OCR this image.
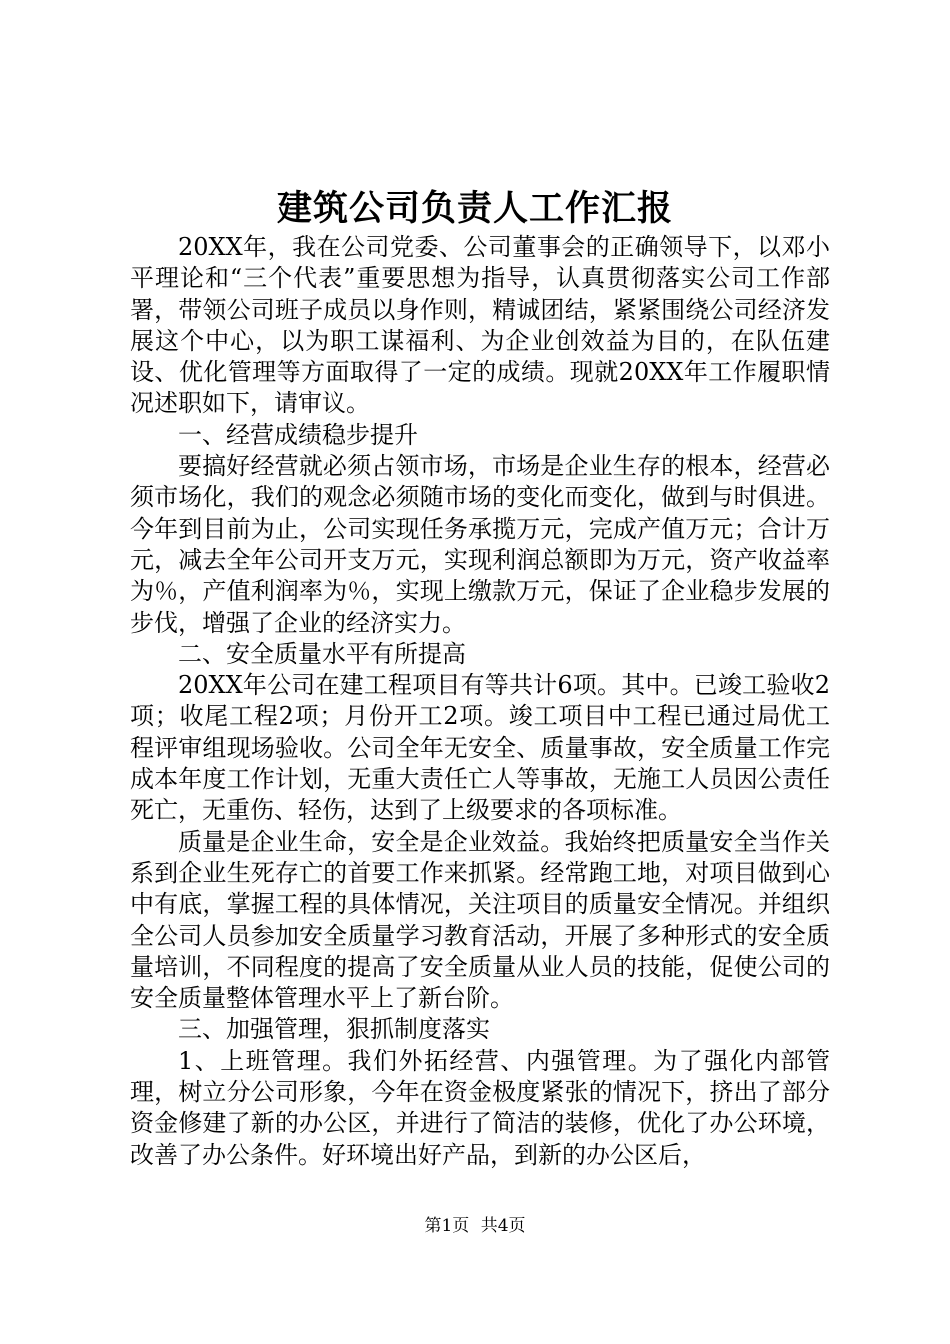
建筑公司负责人工作汇报

20XX年，我在公司党委、公司董事会的正确领导下，以邓小平理论和“三个代表”重要思想为指导，认真贯彻落实公司工作部署，带领公司班子成员以身作则，精诚团结，紧紧围绕公司经济发展这个中心，以为职工谋福利、为企业创效益为目的，在队伍建设、优化管理等方面取得了一定的成绩。现就20XX年工作履职情况述职如下，请审议。

一、经营成绩稳步提升

要搞好经营就必须占领市场，市场是企业生存的根本，经营必须市场化，我们的观念必须随市场的变化而变化，做到与时俱进。今年到目前为止，公司实现任务承揽万元，完成产值万元；合计万元，减去全年公司开支万元，实现利润总额即为万元，资产收益率为％，产值利润率为％，实现上缴款万元，保证了企业稳步发展的步伐，增强了企业的经济实力。

二、安全质量水平有所提高

20XX年公司在建工程项目有等共计6项。其中。已竣工验收2项；收尾工程2项；月份开工2项。竣工项目中工程已通过局优工程评审组现场验收。公司全年无安全、质量事故，安全质量工作完成本年度工作计划，无重大责任亡人等事故，无施工人员因公责任死亡，无重伤、轻伤，达到了上级要求的各项标准。

质量是企业生命，安全是企业效益。我始终把质量安全当作关系到企业生死存亡的首要工作来抓紧。经常跑工地，对项目做到心中有底，掌握工程的具体情况，关注项目的质量安全情况。并组织全公司人员参加安全质量学习教育活动，开展了多种形式的安全质量培训，不同程度的提高了安全质量从业人员的技能，促使公司的安全质量整体管理水平上了新台阶。

三、加强管理，狠抓制度落实

1、上班管理。我们外拓经营、内强管理。为了强化内部管理，树立分公司形象，今年在资金极度紧张的情况下，挤出了部分资金修建了新的办公区，并进行了简洁的装修，优化了办公环境，改善了办公条件。好环境出好产品，到新的办公区后，

第1页 共4页
